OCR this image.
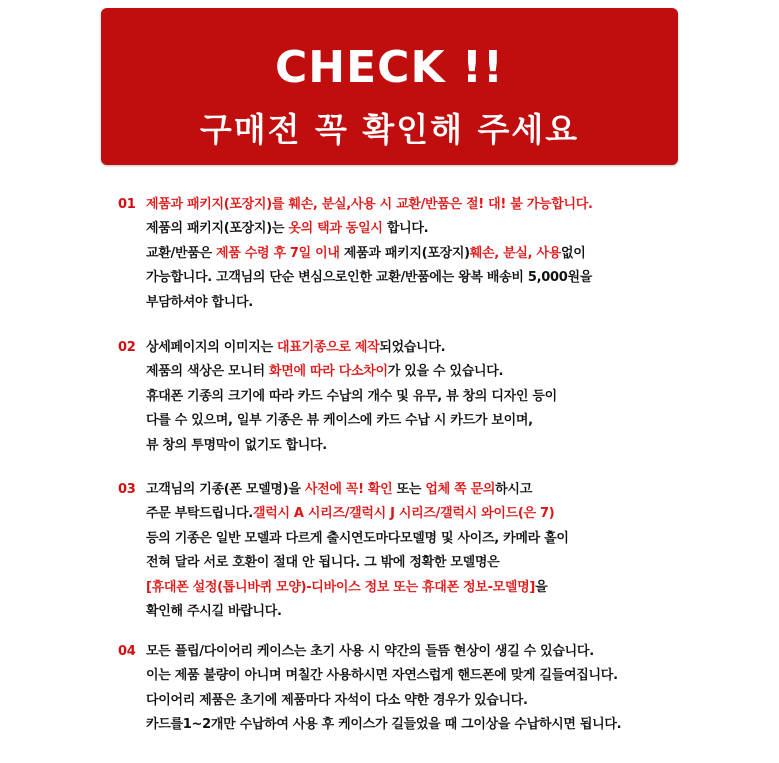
CHECK !!
구매전 꼭 확인해 주세요
01 제품과 패키지(포장지)를 훼손, 분실,사용 시 교환/반품은 절! 대! 불 가능합니다.
제품의 패키지(포장지)는 옷의 택과 동일시 합니다.
교환/반품은 제품 수령 후 7일 이내 제품과 패키지(포장지)훼손, 분실, 사용없이
가능합니다. 고객님의 단순 변심으로인한 교환/반품에는 왕복 배송비 5,000원을
부담하셔야 합니다.
02 상세페이지의 이미지는 대표기종으로 제작되었습니다.
제품의 색상은 모니터 화면에 따라 다소차이가 있을 수 있습니다.
휴대폰 기종의 크기에 따라 카드 수납의 개수 및 유무, 뷰 창의 디자인 등이
다를 수 있으며, 일부 기종은 뷰 케이스에 카드 수납 시 카드가 보이며,
뷰 창의 투명막이 없기도 합니다.
03 고객님의 기종(폰 모델명)을 사전에 꼭! 확인 또는 업체 쪽 문의하시고
주문 부탁드립니다.갤럭시 A 시리즈/갤럭시 J 시리즈/갤럭시 와이드(은 7)
등의 기종은 일반 모델과 다르게 출시연도마다모델명 및 사이즈, 카메라 홀이
전혀 달라 서로 호환이 절대 안 됩니다. 그 밖에 정확한 모델명은
[휴대폰 설정(톱니바퀴 모양)-디바이스 정보 또는 휴대폰 정보-모델명]을
확인해 주시길 바랍니다.
04 모든 플립/다이어리 케이스는 초기 사용 시 약간의 들뜸 현상이 생길 수 있습니다.
이는 제품 불량이 아니며 며칠간 사용하시면 자연스럽게 핸드폰에 맞게 길들여집니다.
다이어리 제품은 초기에 제품마다 자석이 다소 약한 경우가 있습니다.
카드를1~2개만 수납하여 사용 후 케이스가 길들었을 때 그이상을 수납하시면 됩니다.
